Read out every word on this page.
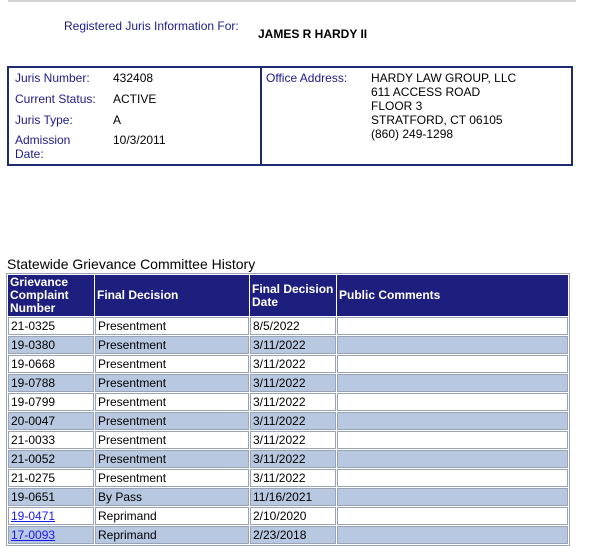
Registered Juris Information For:
JAMES R HARDY II
Juris Number:	432408
Current Status:	ACTIVE
Juris Type:	A
Admission Date:
10/3/2011
Office Address:	HARDY LAW GROUP, LLC
611 ACCESS ROAD
FLOOR 3
STRATFORD, CT 06105
(860) 249-1298
Statewide Grievance Committee History
Grievance Complaint Number	Final Decision	Final Decision Date	Public Comments
21-0325	Presentment	8/5/2022	
19-0380	Presentment	3/11/2022	
19-0668	Presentment	3/11/2022	
19-0788	Presentment	3/11/2022	
19-0799	Presentment	3/11/2022	
20-0047	Presentment	3/11/2022	
21-0033	Presentment	3/11/2022	
21-0052	Presentment	3/11/2022	
21-0275	Presentment	3/11/2022	
19-0651	By Pass	11/16/2021	
19-0471	Reprimand	2/10/2020	
17-0093	Reprimand	2/23/2018	
